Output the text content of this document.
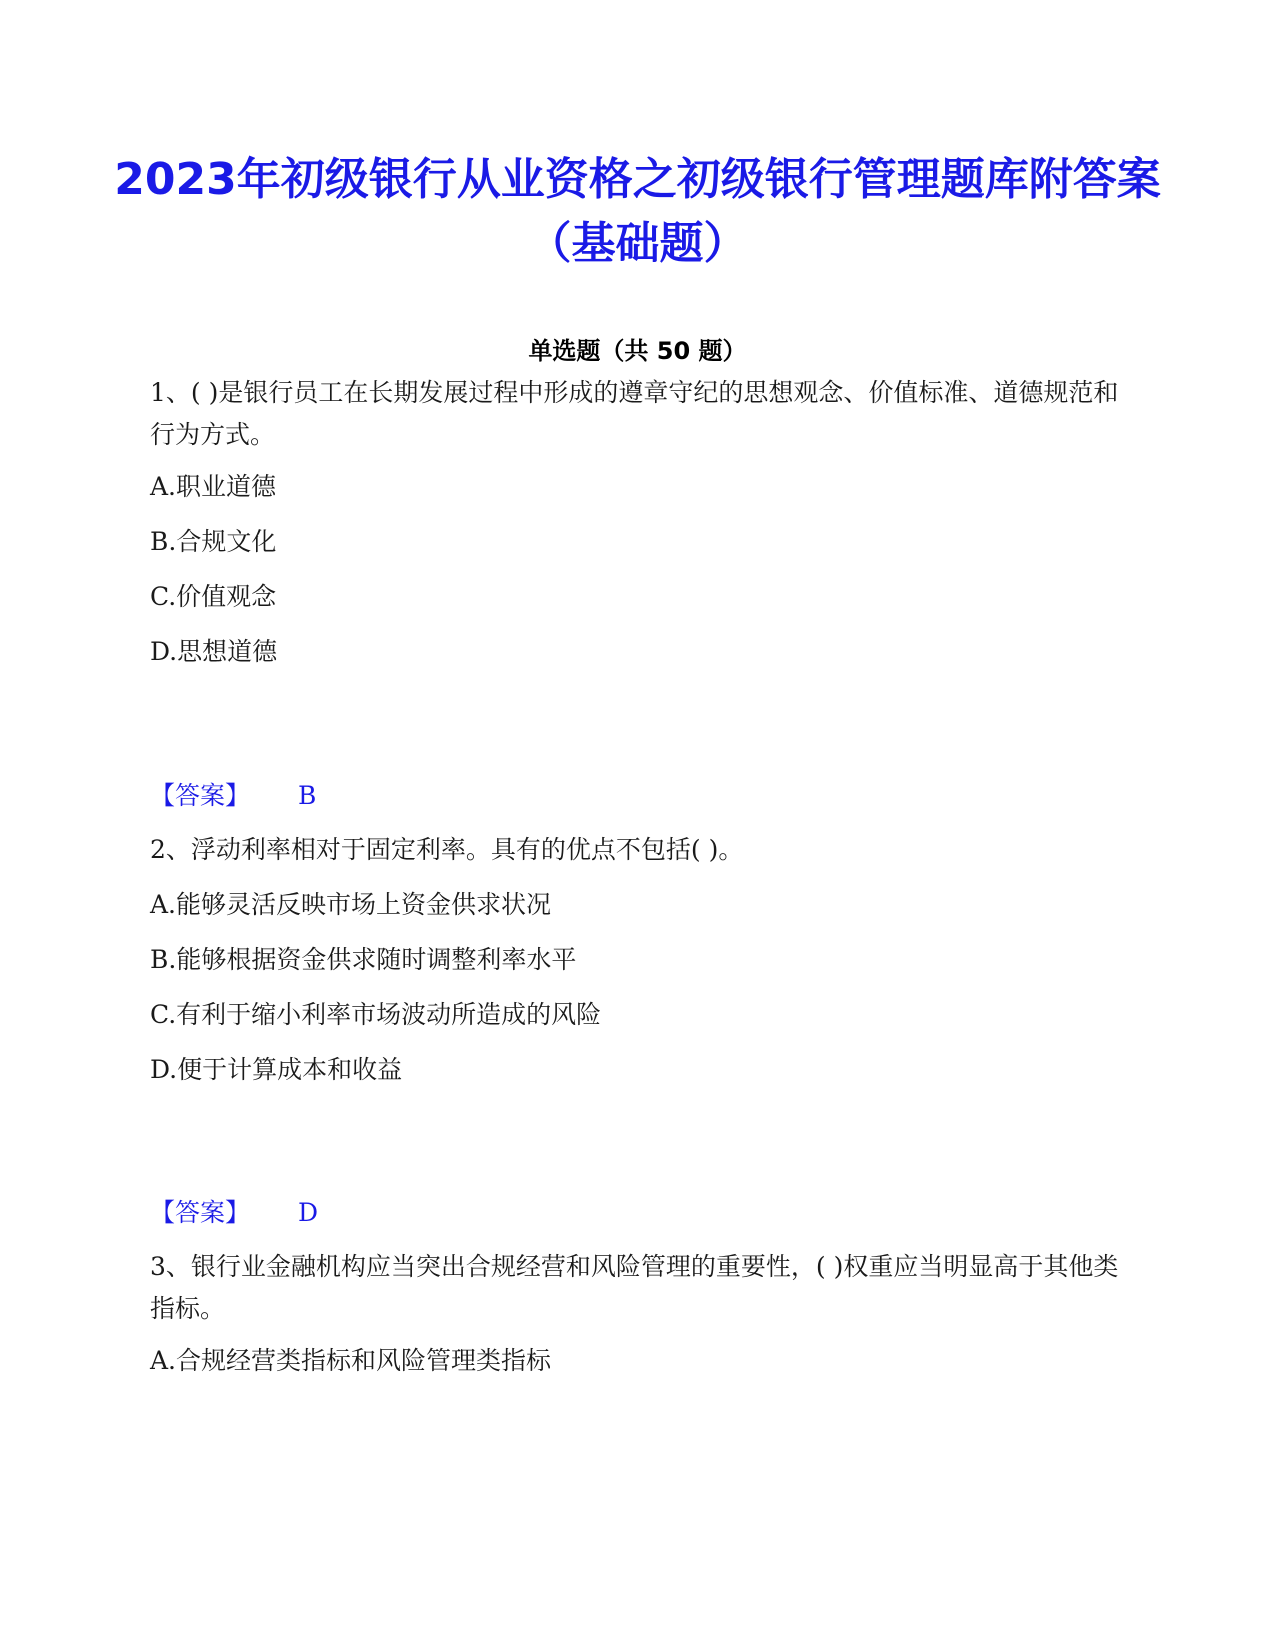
2023年初级银行从业资格之初级银行管理题库附答案（基础题）
单选题（共 50 题）

1、( )是银行员工在长期发展过程中形成的遵章守纪的思想观念、价值标准、道德规范和行为方式。

A.职业道德

B.合规文化

C.价值观念

D.思想道德

【答案】 B

2、浮动利率相对于固定利率。具有的优点不包括( )。

A.能够灵活反映市场上资金供求状况

B.能够根据资金供求随时调整利率水平

C.有利于缩小利率市场波动所造成的风险

D.便于计算成本和收益

【答案】 D

3、银行业金融机构应当突出合规经营和风险管理的重要性，( )权重应当明显高于其他类指标。

A.合规经营类指标和风险管理类指标
